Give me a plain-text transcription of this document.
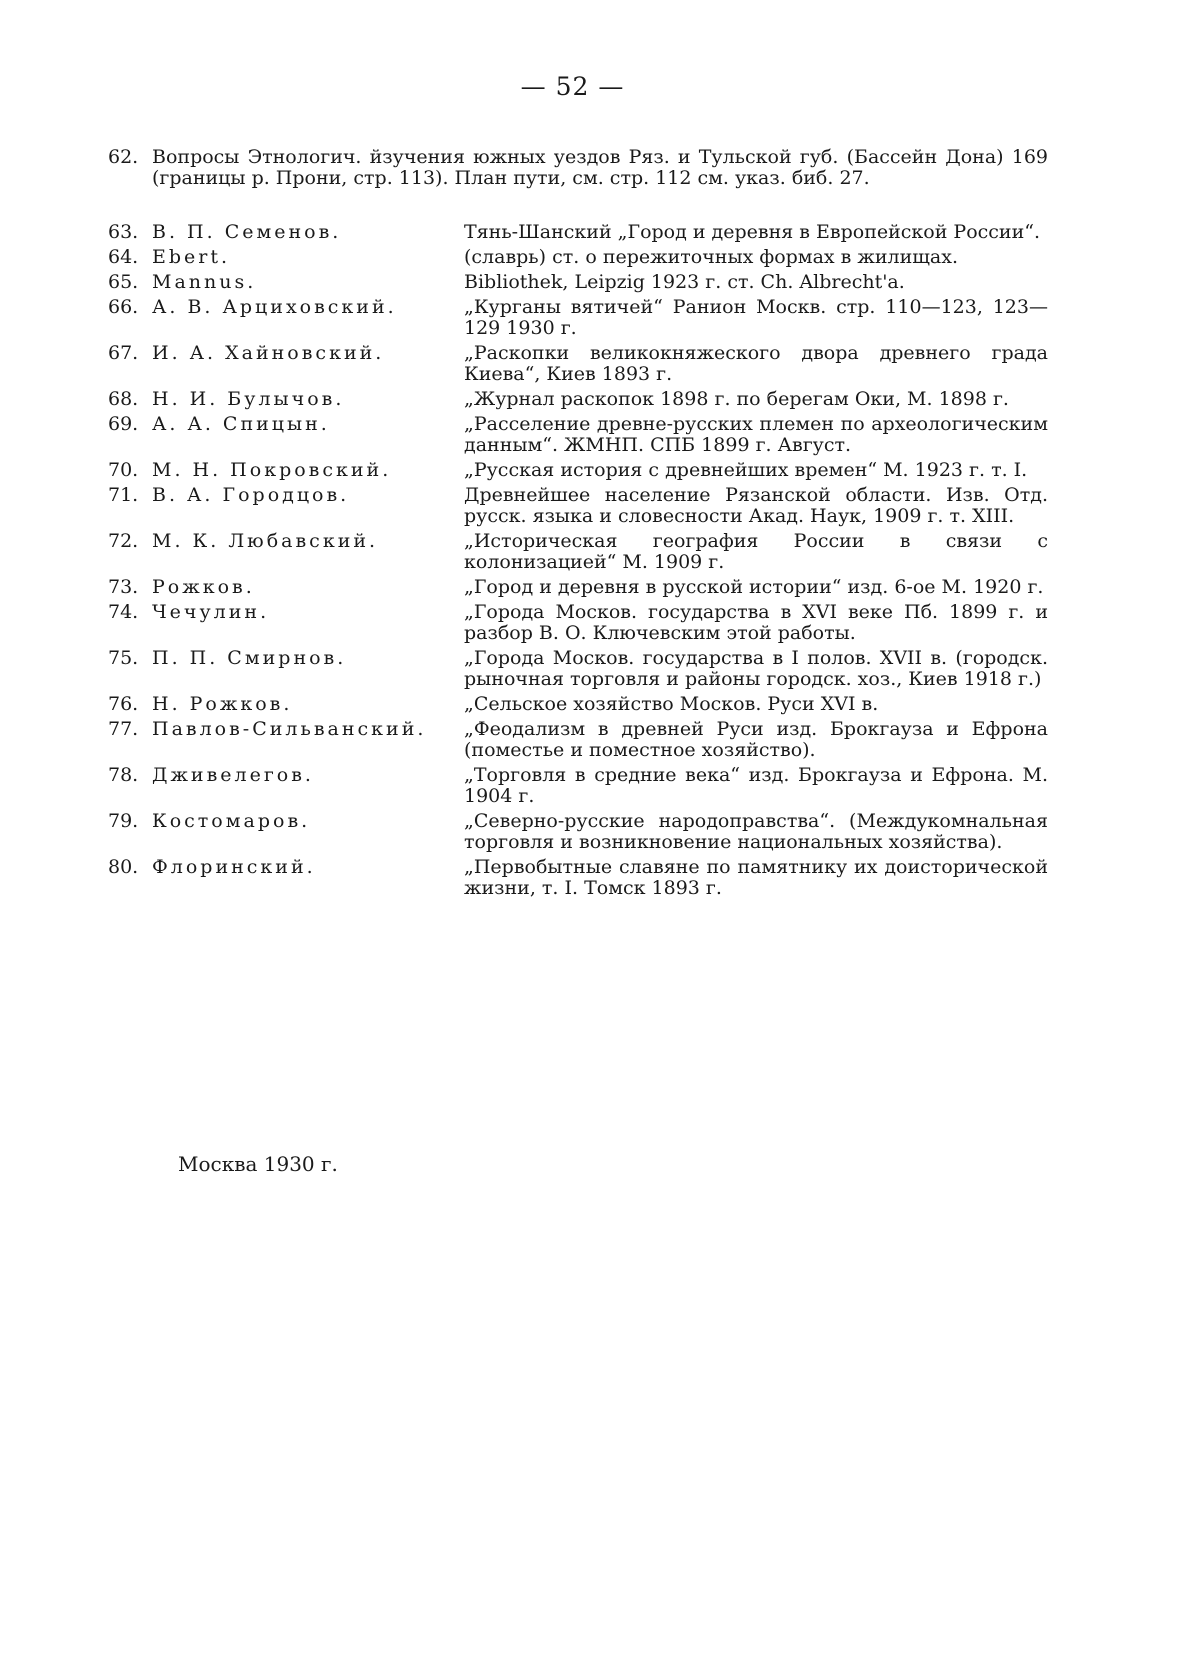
— 52 —
62. Вопросы Этнологич. йзучения южных уездов Ряз. и Тульской губ. (Бассейн Дона) 169 (границы р. Прони, стр. 113). План пути, см. стр. 112 см. указ. биб. 27.
63. В. П. Семенов.	Тянь-Шанский „Город и деревня в Европейской России“.
64. Ebert.	(славрь) ст. о пережиточных формах в жилищах.
65. Mannus.	Bibliothek, Leipzig 1923 г. ст. Ch. Albrecht'a.
66. А. В. Арциховский.	„Курганы вятичей“ Ранион Москв. стр. 110—123, 123—129 1930 г.
67. И. А. Хайновский.	„Раскопки великокняжеского двора древнего града Киева“, Киев 1893 г.
68. Н. И. Булычов.	„Журнал раскопок 1898 г. по берегам Оки, М. 1898 г.
69. А. А. Спицын.	„Расселение древне-русских племен по археологическим данным“. ЖМНП. СПБ 1899 г. Август.
70. М. Н. Покровский.	„Русская история с древнейших времен“ М. 1923 г. т. I.
71. В. А. Городцов.	Древнейшее население Рязанской области. Изв. Отд. русск. языка и словесности Акад. Наук, 1909 г. т. XIII.
72. М. К. Любавский.	„Историческая география России в связи с колонизацией“ М. 1909 г.
73. Рожков.	„Город и деревня в русской истории“ изд. 6-ое М. 1920 г.
74. Чечулин.	„Города Москов. государства в XVI веке Пб. 1899 г. и разбор В. О. Ключевским этой работы.
75. П. П. Смирнов.	„Города Москов. государства в I полов. XVII в. (городск. рыночная торговля и районы городск. хоз., Киев 1918 г.)
76. Н. Рожков.	„Сельское хозяйство Москов. Руси XVI в.
77. Павлов-Сильванский.	„Феодализм в древней Руси изд. Брокгауза и Ефрона (поместье и поместное хозяйство).
78. Дживелегов.	„Торговля в средние века“ изд. Брокгауза и Ефрона. М. 1904 г.
79. Костомаров.	„Северно-русские народоправства“. (Междукомнальная торговля и возникновение национальных хозяйства).
80. Флоринский.	„Первобытные славяне по памятнику их доисторической жизни, т. I. Томск 1893 г.
Москва 1930 г.
